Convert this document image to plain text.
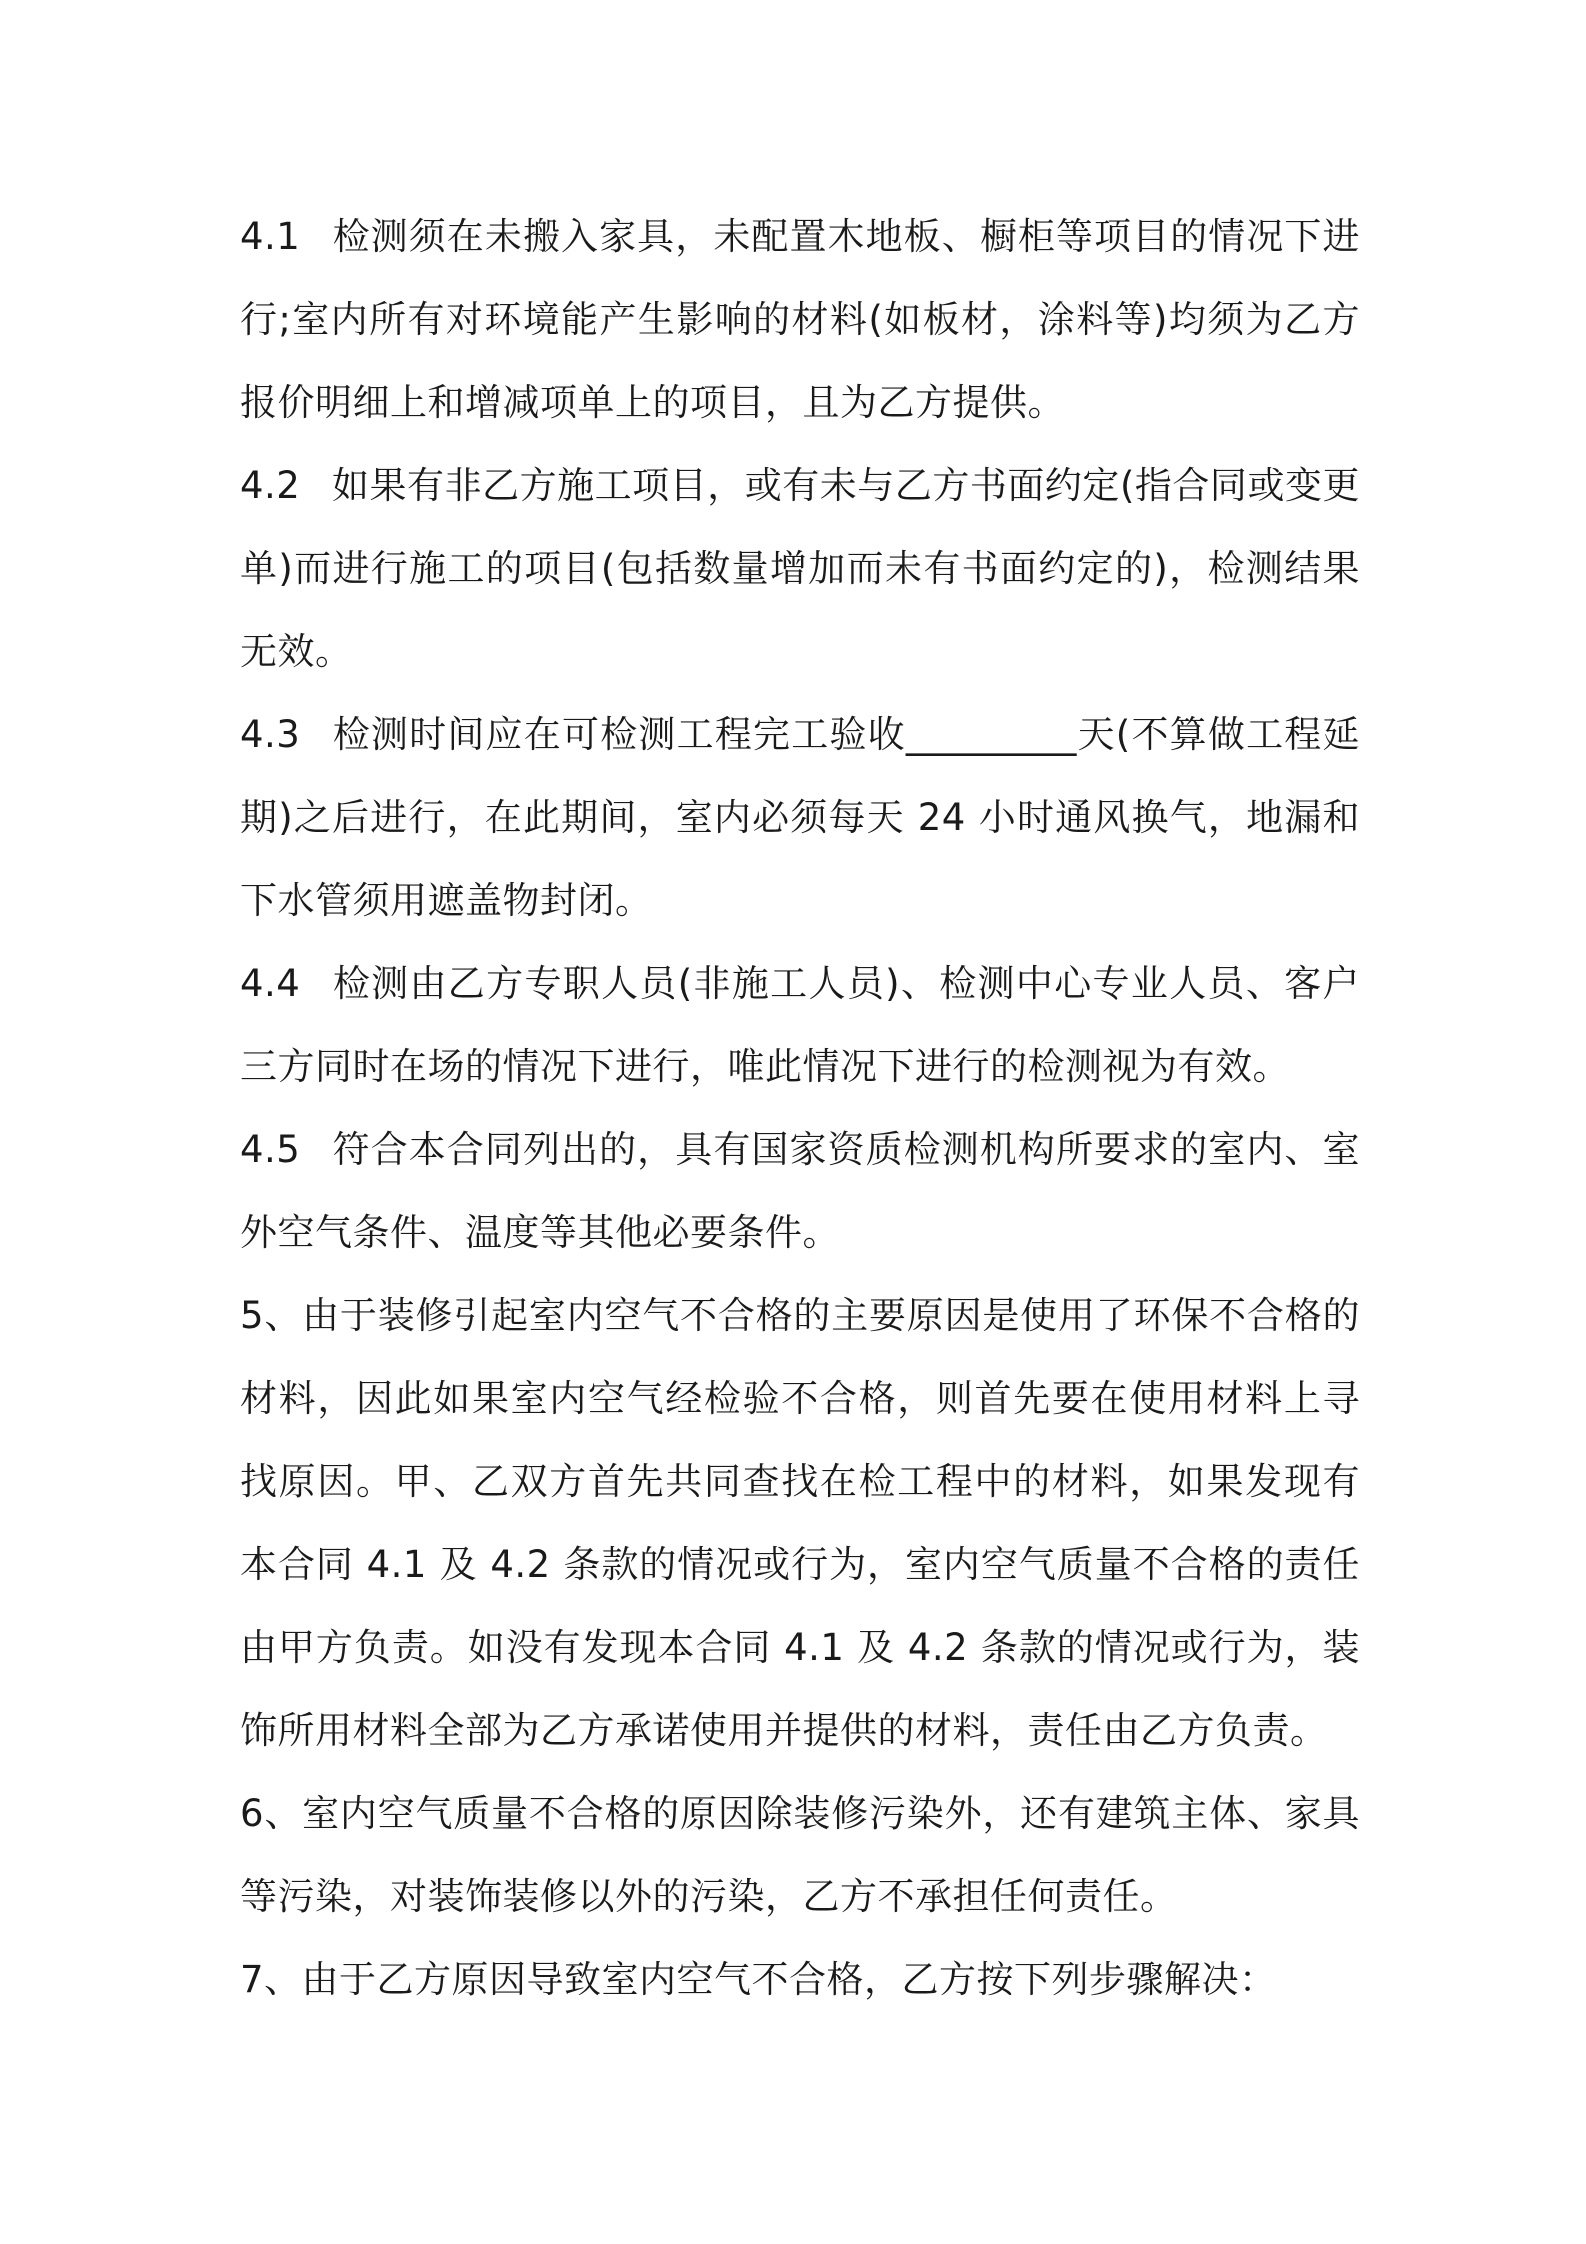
4.1 检测须在未搬入家具，未配置木地板、橱柜等项目的情况下进行;室内所有对环境能产生影响的材料(如板材，涂料等)均须为乙方报价明细上和增减项单上的项目，且为乙方提供。

4.2 如果有非乙方施工项目，或有未与乙方书面约定(指合同或变更单)而进行施工的项目(包括数量增加而未有书面约定的)，检测结果无效。

4.3 检测时间应在可检测工程完工验收_________天(不算做工程延期)之后进行，在此期间，室内必须每天 24 小时通风换气，地漏和下水管须用遮盖物封闭。

4.4 检测由乙方专职人员(非施工人员)、检测中心专业人员、客户三方同时在场的情况下进行，唯此情况下进行的检测视为有效。

4.5 符合本合同列出的，具有国家资质检测机构所要求的室内、室外空气条件、温度等其他必要条件。

5、由于装修引起室内空气不合格的主要原因是使用了环保不合格的材料，因此如果室内空气经检验不合格，则首先要在使用材料上寻找原因。甲、乙双方首先共同查找在检工程中的材料，如果发现有本合同 4.1 及 4.2 条款的情况或行为，室内空气质量不合格的责任由甲方负责。如没有发现本合同 4.1 及 4.2 条款的情况或行为，装饰所用材料全部为乙方承诺使用并提供的材料，责任由乙方负责。

6、室内空气质量不合格的原因除装修污染外，还有建筑主体、家具等污染，对装饰装修以外的污染，乙方不承担任何责任。

7、由于乙方原因导致室内空气不合格，乙方按下列步骤解决：
